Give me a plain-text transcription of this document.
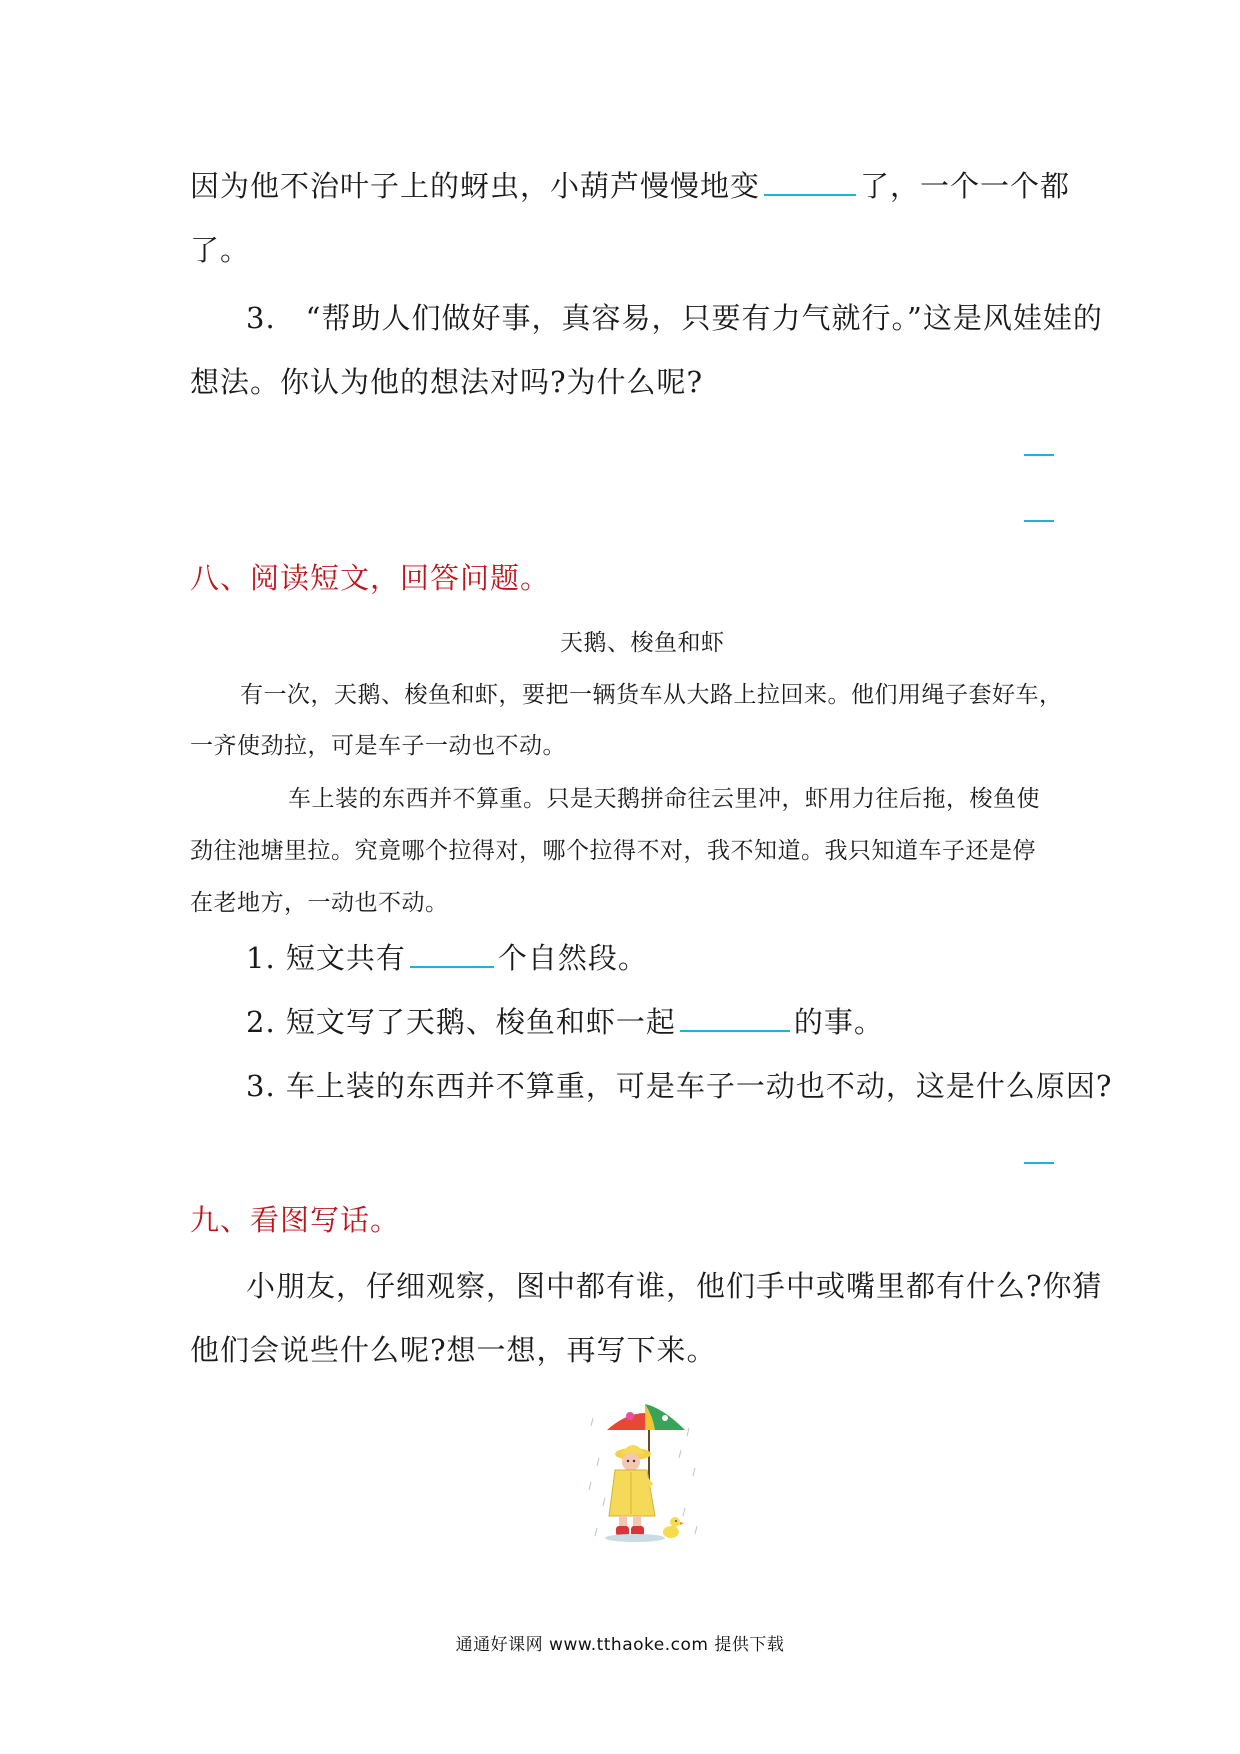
因为他不治叶子上的蚜虫，小葫芦慢慢地变	了，一个一个都
了。
3. “帮助人们做好事，真容易，只要有力气就行。”这是风娃娃的
想法。你认为他的想法对吗?为什么呢?
八、阅读短文，回答问题。
天鹅、梭鱼和虾
有一次，天鹅、梭鱼和虾，要把一辆货车从大路上拉回来。他们用绳子套好车，
一齐使劲拉，可是车子一动也不动。
车上装的东西并不算重。只是天鹅拼命往云里冲，虾用力往后拖，梭鱼使
劲往池塘里拉。究竟哪个拉得对，哪个拉得不对，我不知道。我只知道车子还是停
在老地方，一动也不动。
1. 短文共有	个自然段。
2. 短文写了天鹅、梭鱼和虾一起	的事。
3. 车上装的东西并不算重，可是车子一动也不动，这是什么原因?
九、看图写话。
小朋友，仔细观察，图中都有谁，他们手中或嘴里都有什么?你猜
他们会说些什么呢?想一想，再写下来。
通通好课网 www.tthaoke.com 提供下载
